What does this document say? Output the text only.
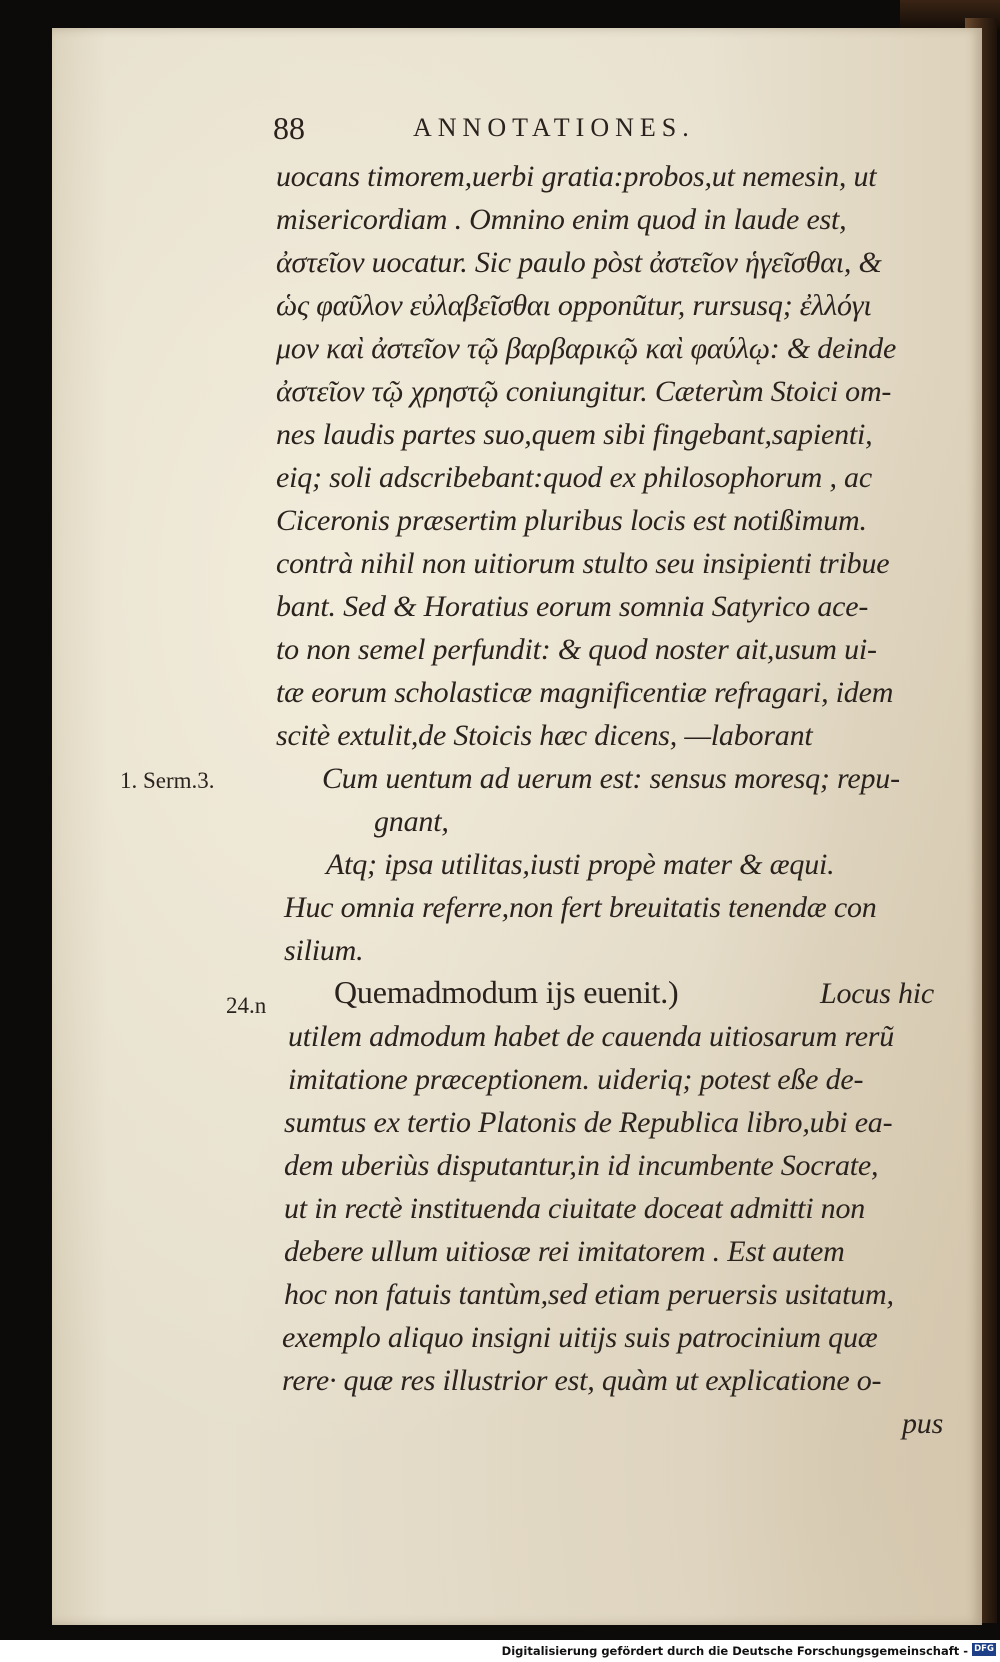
88	ANNOTATIONES.
uocans timorem,uerbi gratia:probos,ut nemesin, ut
misericordiam . Omnino enim quod in laude est,
ἀστεῖον uocatur. Sic paulo pòst ἀστεῖον ἡγεῖσθαι, &
ὡς φαῦλον εὐλαβεῖσθαι opponũtur, rursusq; ἐλλόγι
μον καὶ ἀστεῖον τῷ βαρβαρικῷ καὶ φαύλῳ: & deinde
ἀστεῖον τῷ χρηστῷ coniungitur. Cæterùm Stoici om-
nes laudis partes suo,quem sibi fingebant,sapienti,
eiq; soli adscribebant:quod ex philosophorum , ac
Ciceronis præsertim pluribus locis est notißimum.
contrà nihil non uitiorum stulto seu insipienti tribue
bant. Sed & Horatius eorum somnia Satyrico ace-
to non semel perfundit: & quod noster ait,usum ui-
tæ eorum scholasticæ magnificentiæ refragari, idem
scitè extulit,de Stoicis hæc dicens, —laborant
1. Serm.3.	Cum uentum ad uerum est: sensus moresq; repu-
gnant,
Atq; ipsa utilitas,iusti propè mater & æqui.
Huc omnia referre,non fert breuitatis tenendæ con
silium.
24.n Quemadmodum ijs euenit.)	Locus hic
utilem admodum habet de cauenda uitiosarum rerũ
imitatione præceptionem. uideriq; potest eße de-
sumtus ex tertio Platonis de Republica libro,ubi ea-
dem uberiùs disputantur,in id incumbente Socrate,
ut in rectè instituenda ciuitate doceat admitti non
debere ullum uitiosæ rei imitatorem . Est autem
hoc non fatuis tantùm,sed etiam peruersis usitatum,
exemplo aliquo insigni uitijs suis patrocinium quæ
rere· quæ res illustrior est, quàm ut explicatione o-
pus
Digitalisierung gefördert durch die Deutsche Forschungsgemeinschaft - DFG
